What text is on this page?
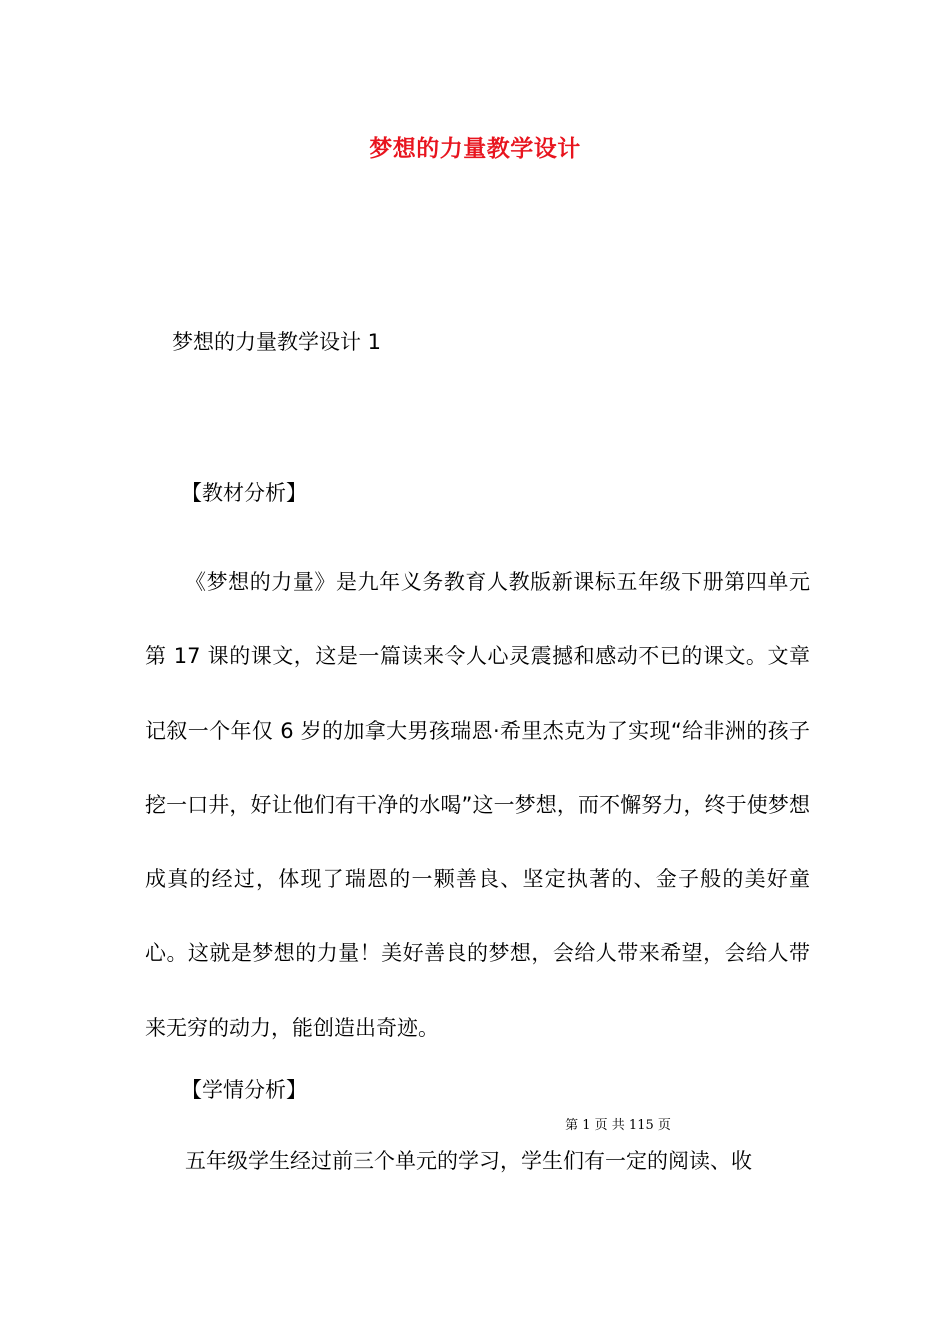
梦想的力量教学设计
梦想的力量教学设计 1
【教材分析】
《梦想的力量》是九年义务教育人教版新课标五年级下册第四单元第 17 课的课文，这是一篇读来令人心灵震撼和感动不已的课文。文章记叙一个年仅 6 岁的加拿大男孩瑞恩·希里杰克为了实现“给非洲的孩子挖一口井，好让他们有干净的水喝”这一梦想，而不懈努力，终于使梦想成真的经过，体现了瑞恩的一颗善良、坚定执著的、金子般的美好童心。这就是梦想的力量！美好善良的梦想，会给人带来希望，会给人带来无穷的动力，能创造出奇迹。
【学情分析】
第 1 页 共 115 页
五年级学生经过前三个单元的学习，学生们有一定的阅读、收
